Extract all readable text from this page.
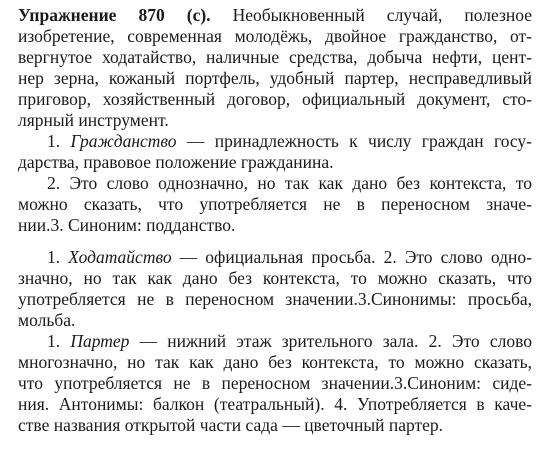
Упражнение 870 (с). Необыкновенный случай, полезное
изобретение, современная молодёжь, двойное гражданство, от-
вергнутое ходатайство, наличные средства, добыча нефти, цент-
нер зерна, кожаный портфель, удобный партер, несправедливый
приговор, хозяйственный договор, официальный документ, сто-
лярный инструмент.
1. Гражданство — принадлежность к числу граждан госу-
дарства, правовое положение гражданина.
2. Это слово однозначно, но так как дано без контекста, то
можно сказать, что употребляется не в переносном значе-
нии.3. Синоним: подданство.
1. Ходатайство — официальная просьба. 2. Это слово одно-
значно, но так как дано без контекста, то можно сказать, что
употребляется не в переносном значении.3.Синонимы: просьба,
мольба.
1. Партер — нижний этаж зрительного зала. 2. Это слово
многозначно, но так как дано без контекста, то можно сказать,
что употребляется не в переносном значении.3.Синоним: сиде-
ния. Антонимы: балкон (театральный). 4. Употребляется в каче-
стве названия открытой части сада — цветочный партер.
